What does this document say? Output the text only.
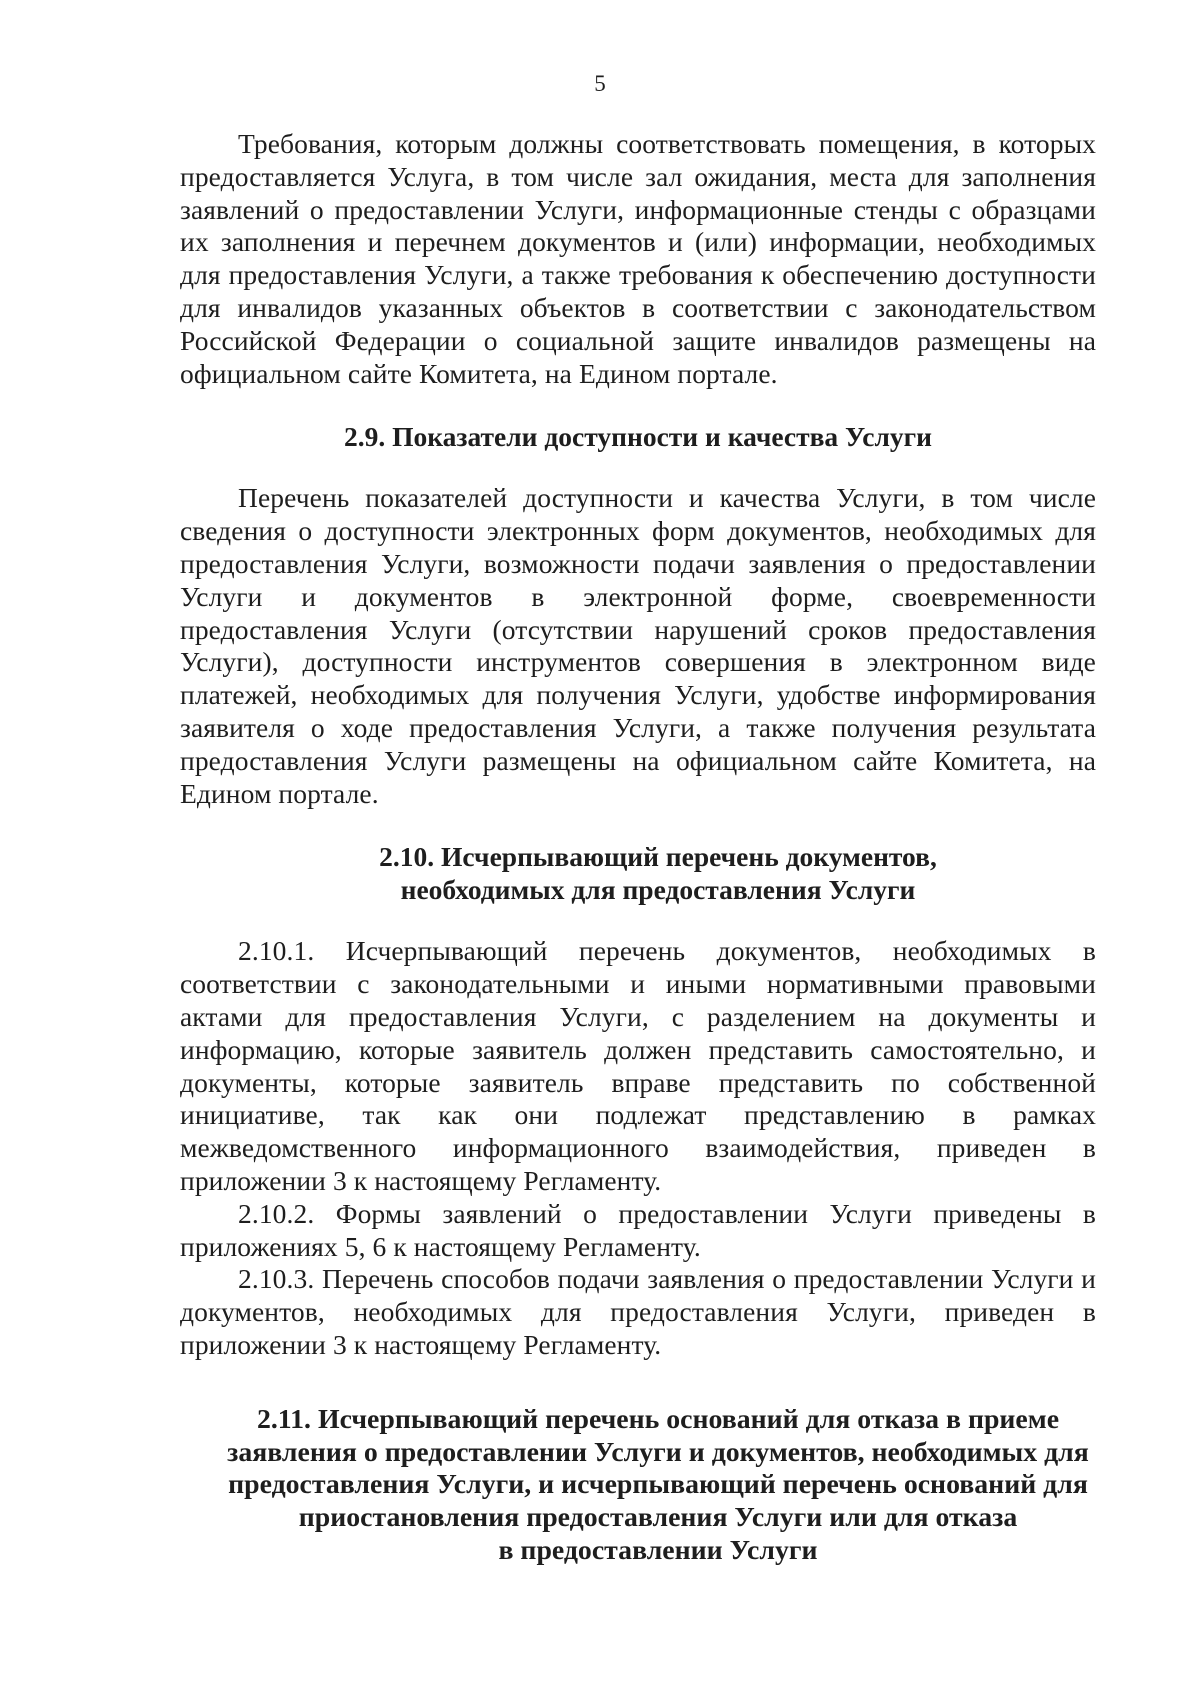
5

Требования, которым должны соответствовать помещения, в которых предоставляется Услуга, в том числе зал ожидания, места для заполнения заявлений о предоставлении Услуги, информационные стенды с образцами их заполнения и перечнем документов и (или) информации, необходимых для предоставления Услуги, а также требования к обеспечению доступности для инвалидов указанных объектов в соответствии с законодательством Российской Федерации о социальной защите инвалидов размещены на официальном сайте Комитета, на Едином портале.

2.9. Показатели доступности и качества Услуги

Перечень показателей доступности и качества Услуги, в том числе сведения о доступности электронных форм документов, необходимых для предоставления Услуги, возможности подачи заявления о предоставлении Услуги и документов в электронной форме, своевременности предоставления Услуги (отсутствии нарушений сроков предоставления Услуги), доступности инструментов совершения в электронном виде платежей, необходимых для получения Услуги, удобстве информирования заявителя о ходе предоставления Услуги, а также получения результата предоставления Услуги размещены на официальном сайте Комитета, на Едином портале.

2.10. Исчерпывающий перечень документов,
необходимых для предоставления Услуги

2.10.1. Исчерпывающий перечень документов, необходимых в соответствии с законодательными и иными нормативными правовыми актами для предоставления Услуги, с разделением на документы и информацию, которые заявитель должен представить самостоятельно, и документы, которые заявитель вправе представить по собственной инициативе, так как они подлежат представлению в рамках межведомственного информационного взаимодействия, приведен в приложении 3 к настоящему Регламенту.

2.10.2. Формы заявлений о предоставлении Услуги приведены в приложениях 5, 6 к настоящему Регламенту.

2.10.3. Перечень способов подачи заявления о предоставлении Услуги и документов, необходимых для предоставления Услуги, приведен в приложении 3 к настоящему Регламенту.

2.11. Исчерпывающий перечень оснований для отказа в приеме
заявления о предоставлении Услуги и документов, необходимых для
предоставления Услуги, и исчерпывающий перечень оснований для
приостановления предоставления Услуги или для отказа
в предоставлении Услуги
